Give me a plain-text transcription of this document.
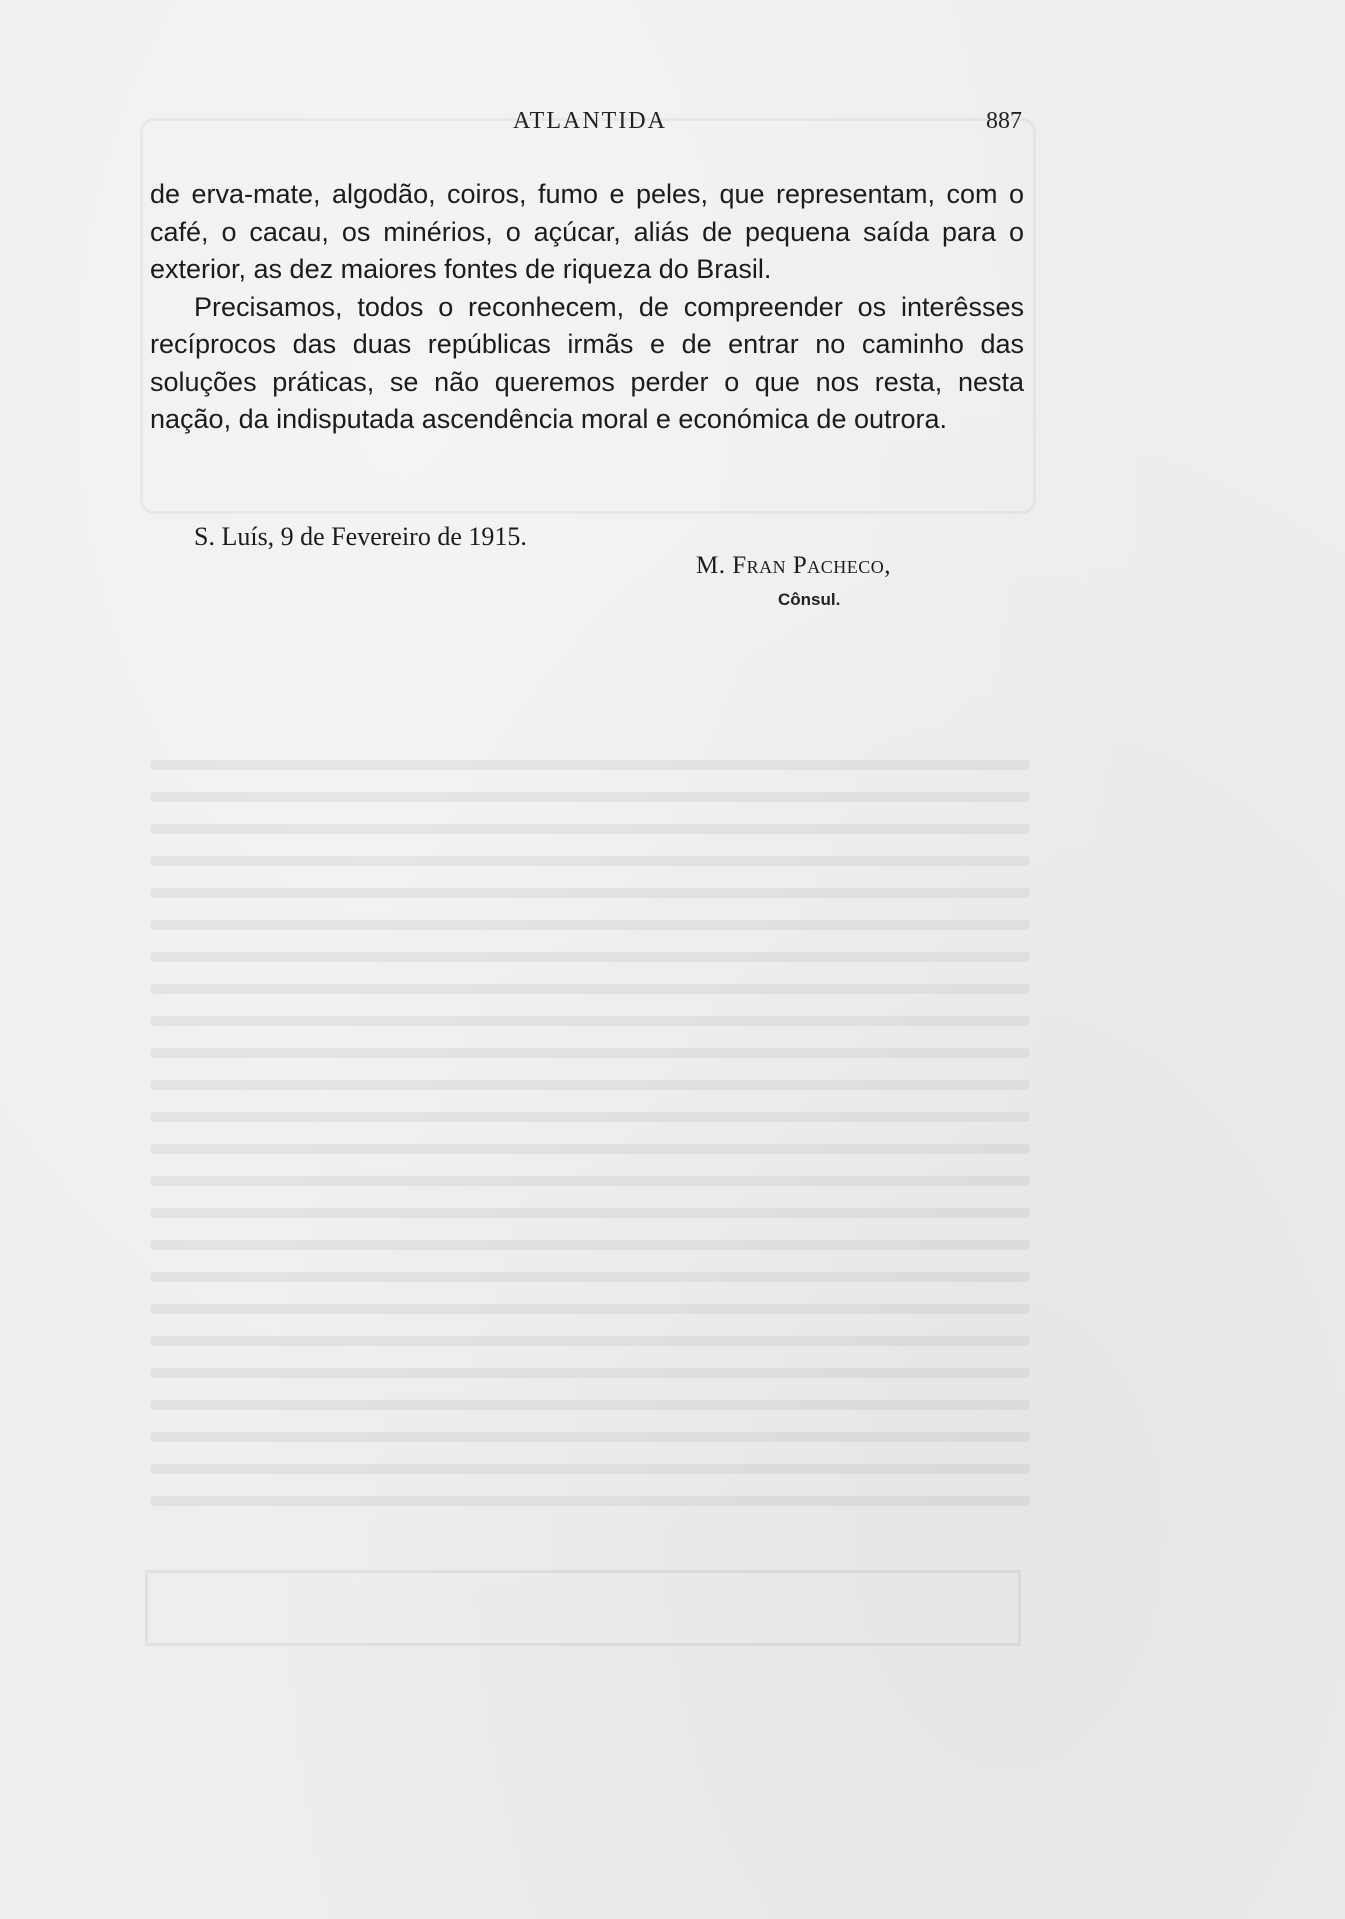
ATLANTIDA	887

de erva-mate, algodão, coiros, fumo e peles, que representam, com o café, o cacau, os minérios, o açúcar, aliás de pequena saída para o exterior, as dez maiores fontes de riqueza do Brasil.

Precisamos, todos o reconhecem, de compreender os interêsses recíprocos das duas repúblicas irmãs e de entrar no caminho das soluções práticas, se não queremos perder o que nos resta, nesta nação, da indisputada ascendência moral e económica de outrora.

S. Luís, 9 de Fevereiro de 1915.
M. Fran Pacheco,
Cônsul.
